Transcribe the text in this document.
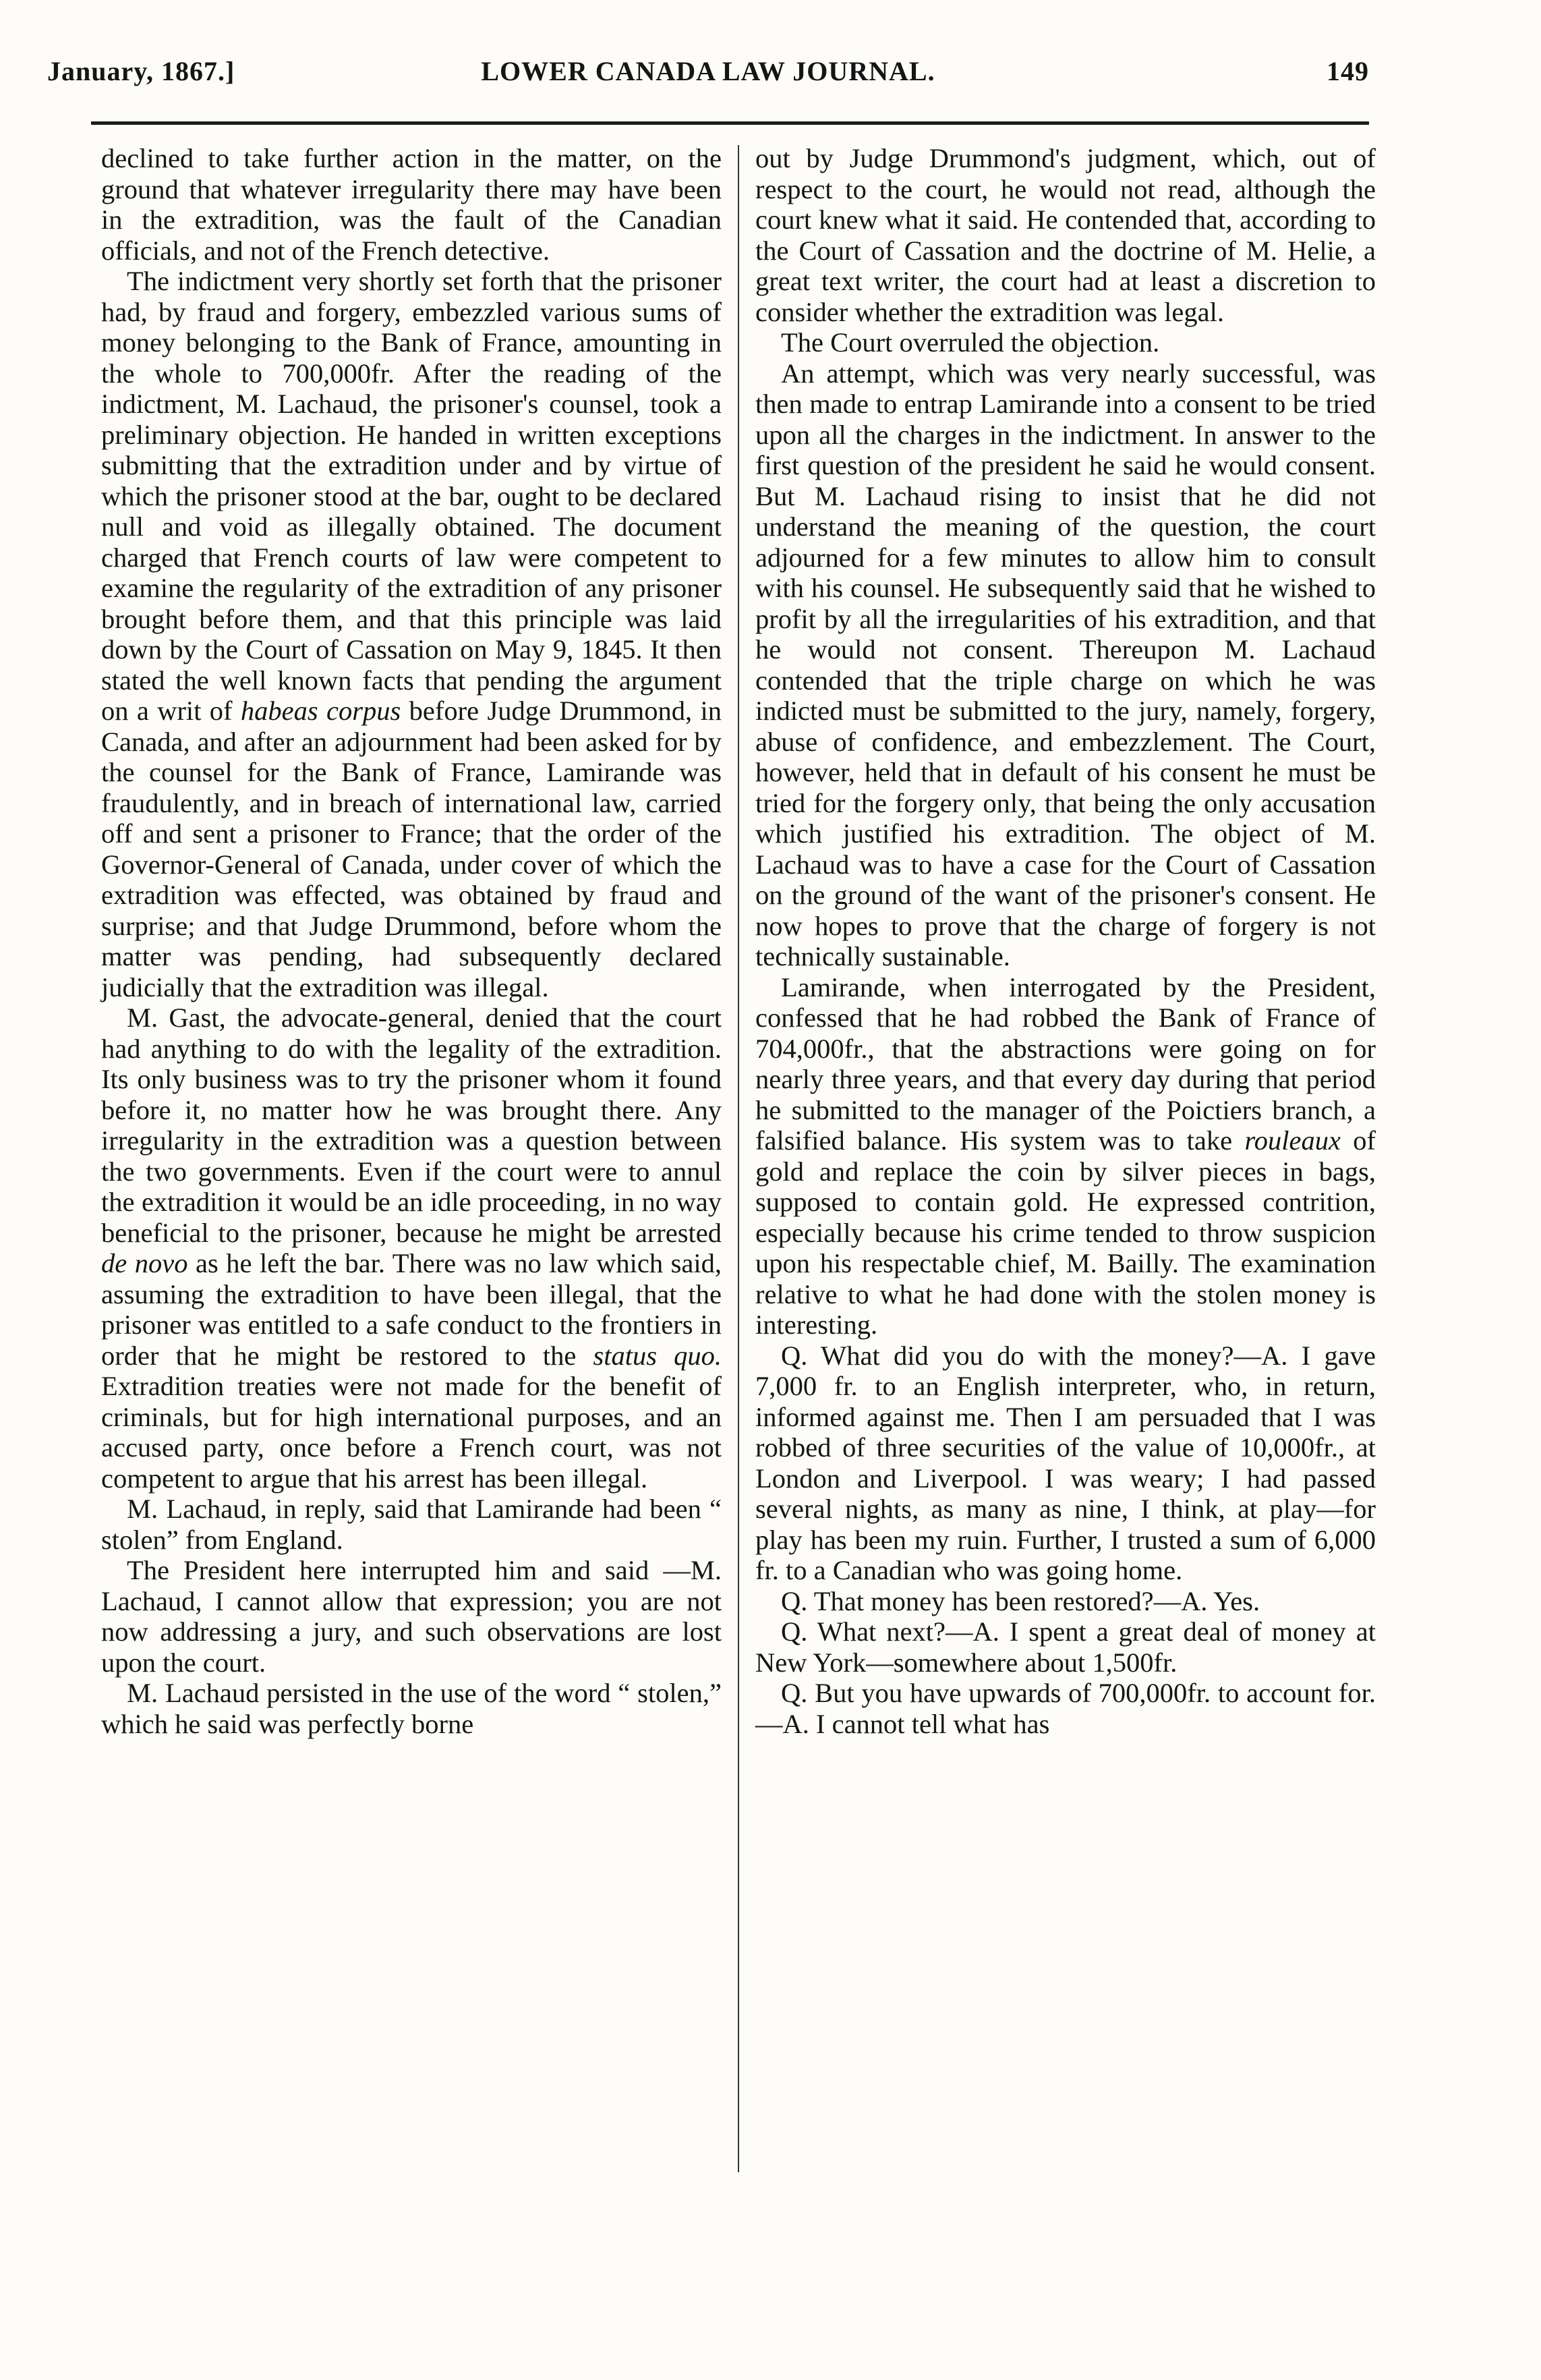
January, 1867.]	LOWER CANADA LAW JOURNAL.	149

declined to take further action in the matter, on the ground that whatever irregularity there may have been in the extradition, was the fault of the Canadian officials, and not of the French detective.

The indictment very shortly set forth that the prisoner had, by fraud and forgery, embezzled various sums of money belonging to the Bank of France, amounting in the whole to 700,000fr. After the reading of the indictment, M. Lachaud, the prisoner's counsel, took a preliminary objection. He handed in written exceptions submitting that the extradition under and by virtue of which the prisoner stood at the bar, ought to be declared null and void as illegally obtained. The document charged that French courts of law were competent to examine the regularity of the extradition of any prisoner brought before them, and that this principle was laid down by the Court of Cassation on May 9, 1845. It then stated the well known facts that pending the argument on a writ of habeas corpus before Judge Drummond, in Canada, and after an adjournment had been asked for by the counsel for the Bank of France, Lamirande was fraudulently, and in breach of international law, carried off and sent a prisoner to France; that the order of the Governor-General of Canada, under cover of which the extradition was effected, was obtained by fraud and surprise; and that Judge Drummond, before whom the matter was pending, had subsequently declared judicially that the extradition was illegal.

M. Gast, the advocate-general, denied that the court had anything to do with the legality of the extradition. Its only business was to try the prisoner whom it found before it, no matter how he was brought there. Any irregularity in the extradition was a question between the two governments. Even if the court were to annul the extradition it would be an idle proceeding, in no way beneficial to the prisoner, because he might be arrested de novo as he left the bar. There was no law which said, assuming the extradition to have been illegal, that the prisoner was entitled to a safe conduct to the frontiers in order that he might be restored to the status quo. Extradition treaties were not made for the benefit of criminals, but for high international purposes, and an accused party, once before a French court, was not competent to argue that his arrest has been illegal.

M. Lachaud, in reply, said that Lamirande had been “ stolen” from England.

The President here interrupted him and said —M. Lachaud, I cannot allow that expression; you are not now addressing a jury, and such observations are lost upon the court.

M. Lachaud persisted in the use of the word “ stolen,” which he said was perfectly borne

out by Judge Drummond's judgment, which, out of respect to the court, he would not read, although the court knew what it said. He contended that, according to the Court of Cassation and the doctrine of M. Helie, a great text writer, the court had at least a discretion to consider whether the extradition was legal.

The Court overruled the objection.

An attempt, which was very nearly successful, was then made to entrap Lamirande into a consent to be tried upon all the charges in the indictment. In answer to the first question of the president he said he would consent. But M. Lachaud rising to insist that he did not understand the meaning of the question, the court adjourned for a few minutes to allow him to consult with his counsel. He subsequently said that he wished to profit by all the irregularities of his extradition, and that he would not consent. Thereupon M. Lachaud contended that the triple charge on which he was indicted must be submitted to the jury, namely, forgery, abuse of confidence, and embezzlement. The Court, however, held that in default of his consent he must be tried for the forgery only, that being the only accusation which justified his extradition. The object of M. Lachaud was to have a case for the Court of Cassation on the ground of the want of the prisoner's consent. He now hopes to prove that the charge of forgery is not technically sustainable.

Lamirande, when interrogated by the President, confessed that he had robbed the Bank of France of 704,000fr., that the abstractions were going on for nearly three years, and that every day during that period he submitted to the manager of the Poictiers branch, a falsified balance. His system was to take rouleaux of gold and replace the coin by silver pieces in bags, supposed to contain gold. He expressed contrition, especially because his crime tended to throw suspicion upon his respectable chief, M. Bailly. The examination relative to what he had done with the stolen money is interesting.

Q. What did you do with the money?—A. I gave 7,000 fr. to an English interpreter, who, in return, informed against me. Then I am persuaded that I was robbed of three securities of the value of 10,000fr., at London and Liverpool. I was weary; I had passed several nights, as many as nine, I think, at play—for play has been my ruin. Further, I trusted a sum of 6,000 fr. to a Canadian who was going home.

Q. That money has been restored?—A. Yes.

Q. What next?—A. I spent a great deal of money at New York—somewhere about 1,500fr.

Q. But you have upwards of 700,000fr. to account for.—A. I cannot tell what has
